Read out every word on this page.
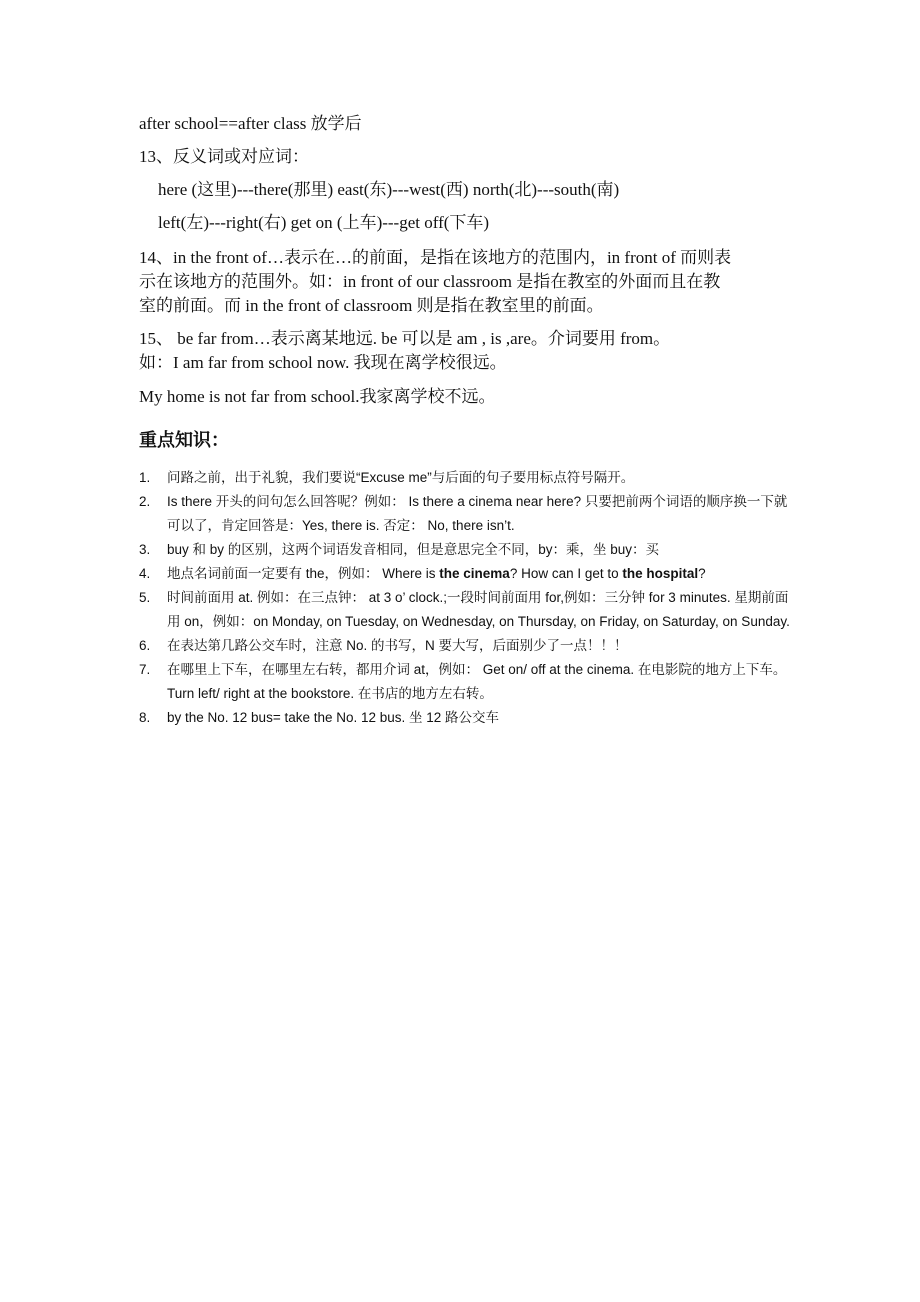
after school==after class 放学后
13、反义词或对应词：
here (这里)---there(那里) east(东)---west(西) north(北)---south(南)
left(左)---right(右) get on (上车)---get off(下车)
14、in the front of…表示在…的前面，是指在该地方的范围内，in front of 而则表
示在该地方的范围外。如：in front of our classroom 是指在教室的外面而且在教
室的前面。而 in the front of classroom 则是指在教室里的前面。
15、 be far from…表示离某地远. be 可以是 am , is ,are。介词要用 from。
如：I am far from school now. 我现在离学校很远。
My home is not far from school.我家离学校不远。
重点知识：
1. 问路之前，出于礼貌，我们要说“Excuse me”与后面的句子要用标点符号隔开。
2. Is there 开头的问句怎么回答呢？例如： Is there a cinema near here? 只要把前两个词语的顺序换一下就可以了，肯定回答是：Yes, there is. 否定： No, there isn’t.
3. buy 和 by 的区别，这两个词语发音相同，但是意思完全不同，by：乘，坐 buy：买
4. 地点名词前面一定要有 the，例如： Where is the cinema? How can I get to the hospital?
5. 时间前面用 at. 例如：在三点钟： at 3 o’ clock.;一段时间前面用 for,例如：三分钟 for 3 minutes. 星期前面用 on，例如：on Monday, on Tuesday, on Wednesday, on Thursday, on Friday, on Saturday, on Sunday.
6. 在表达第几路公交车时，注意 No. 的书写，N 要大写，后面别少了一点！！！
7. 在哪里上下车，在哪里左右转，都用介词 at，例如： Get on/ off at the cinema. 在电影院的地方上下车。 Turn left/ right at the bookstore. 在书店的地方左右转。
8. by the No. 12 bus= take the No. 12 bus. 坐 12 路公交车
